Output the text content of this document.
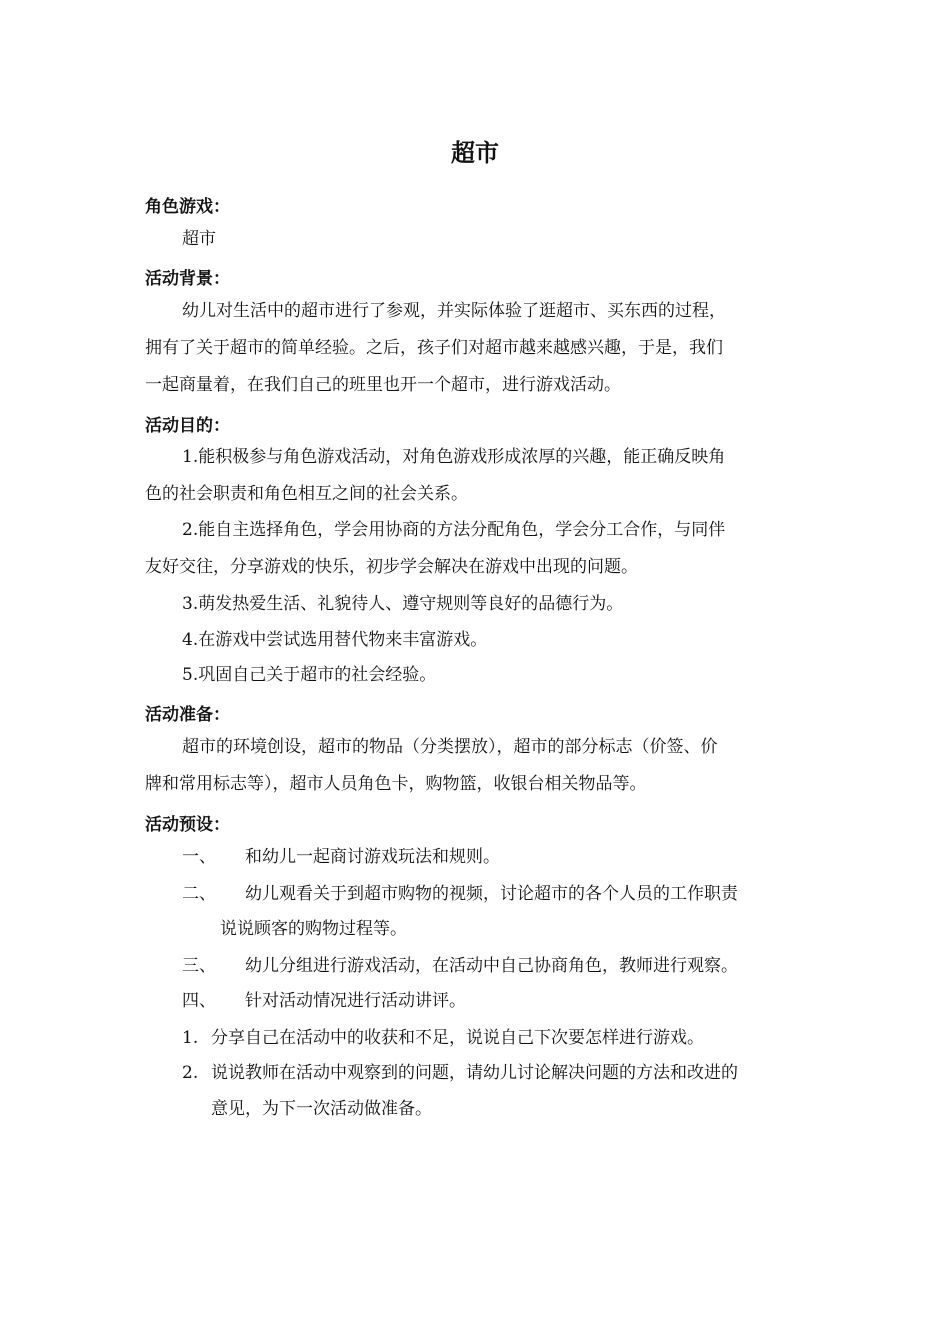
超市
角色游戏：
超市
活动背景：
幼儿对生活中的超市进行了参观，并实际体验了逛超市、买东西的过程，
拥有了关于超市的简单经验。之后，孩子们对超市越来越感兴趣，于是，我们
一起商量着，在我们自己的班里也开一个超市，进行游戏活动。
活动目的：
1.能积极参与角色游戏活动，对角色游戏形成浓厚的兴趣，能正确反映角
色的社会职责和角色相互之间的社会关系。
2.能自主选择角色，学会用协商的方法分配角色，学会分工合作，与同伴
友好交往，分享游戏的快乐，初步学会解决在游戏中出现的问题。
3.萌发热爱生活、礼貌待人、遵守规则等良好的品德行为。
4.在游戏中尝试选用替代物来丰富游戏。
5.巩固自己关于超市的社会经验。
活动准备：
超市的环境创设，超市的物品（分类摆放），超市的部分标志（价签、价
牌和常用标志等），超市人员角色卡，购物篮，收银台相关物品等。
活动预设：
一、 和幼儿一起商讨游戏玩法和规则。
二、 幼儿观看关于到超市购物的视频，讨论超市的各个人员的工作职责
说说顾客的购物过程等。
三、 幼儿分组进行游戏活动，在活动中自己协商角色，教师进行观察。
四、 针对活动情况进行活动讲评。
1. 分享自己在活动中的收获和不足，说说自己下次要怎样进行游戏。
2. 说说教师在活动中观察到的问题，请幼儿讨论解决问题的方法和改进的
意见，为下一次活动做准备。
